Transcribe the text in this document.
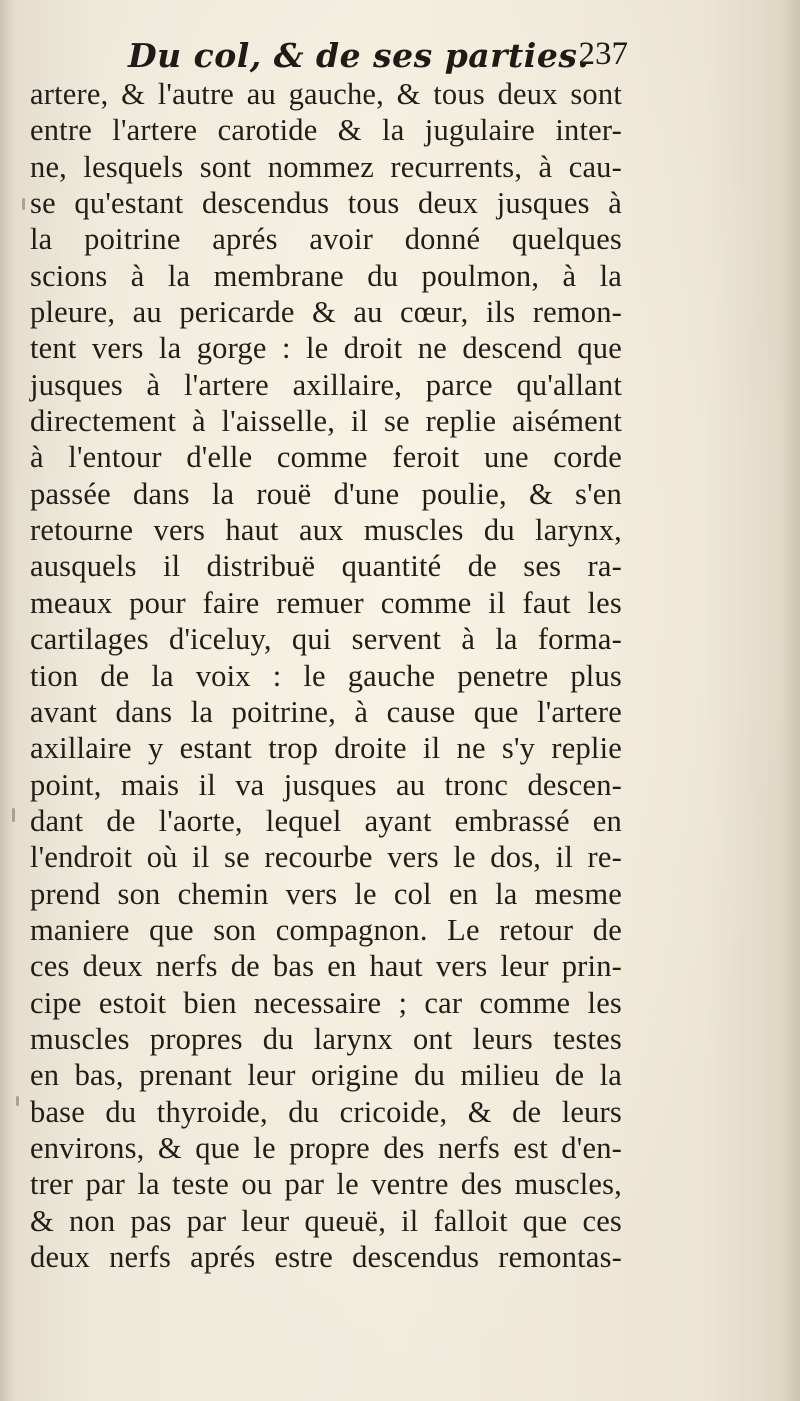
Du col, & de ses parties.
237
artere, & l'autre au gauche, & tous deux sont
entre l'artere carotide & la jugulaire inter-
ne, lesquels sont nommez recurrents, à cau-
se qu'estant descendus tous deux jusques à
la poitrine aprés avoir donné quelques
scions à la membrane du poulmon, à la
pleure, au pericarde & au cœur, ils remon-
tent vers la gorge : le droit ne descend que
jusques à l'artere axillaire, parce qu'allant
directement à l'aisselle, il se replie aisément
à l'entour d'elle comme feroit une corde
passée dans la rouë d'une poulie, & s'en
retourne vers haut aux muscles du larynx,
ausquels il distribuë quantité de ses ra-
meaux pour faire remuer comme il faut les
cartilages d'iceluy, qui servent à la forma-
tion de la voix : le gauche penetre plus
avant dans la poitrine, à cause que l'artere
axillaire y estant trop droite il ne s'y replie
point, mais il va jusques au tronc descen-
dant de l'aorte, lequel ayant embrassé en
l'endroit où il se recourbe vers le dos, il re-
prend son chemin vers le col en la mesme
maniere que son compagnon. Le retour de
ces deux nerfs de bas en haut vers leur prin-
cipe estoit bien necessaire ; car comme les
muscles propres du larynx ont leurs testes
en bas, prenant leur origine du milieu de la
base du thyroide, du cricoide, & de leurs
environs, & que le propre des nerfs est d'en-
trer par la teste ou par le ventre des muscles,
& non pas par leur queuë, il falloit que ces
deux nerfs aprés estre descendus remontas-
